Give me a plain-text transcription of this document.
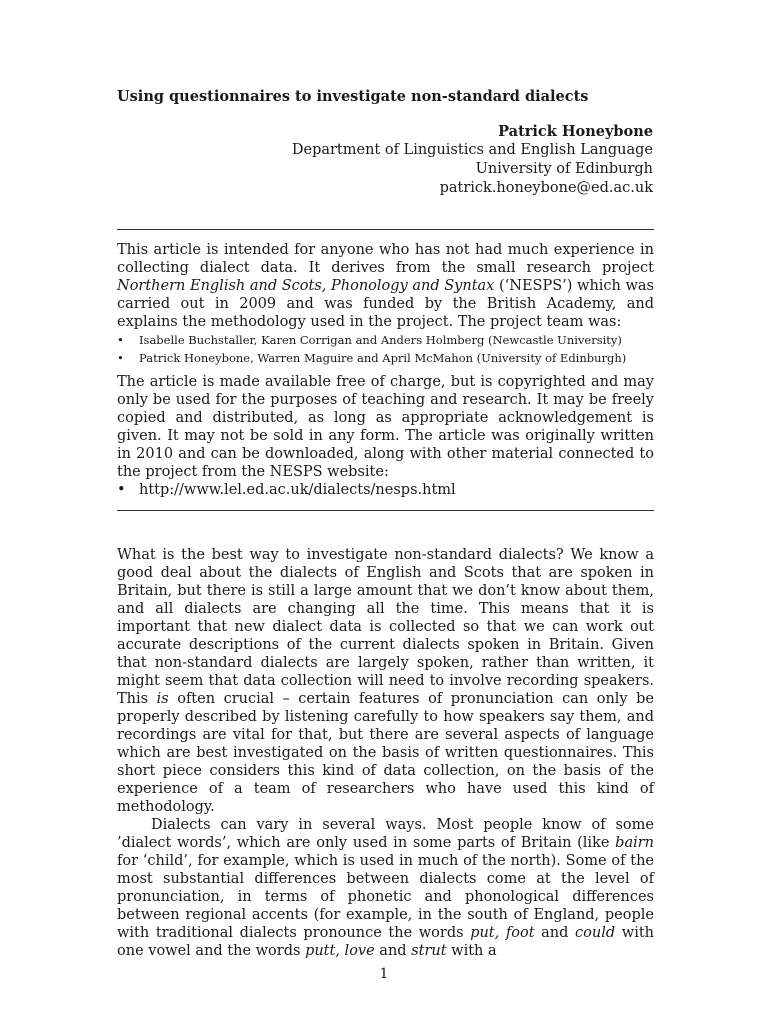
Using questionnaires to investigate non-standard dialects
Patrick Honeybone
Department of Linguistics and English Language
University of Edinburgh
patrick.honeybone@ed.ac.uk

This article is intended for anyone who has not had much experience in collecting dialect data. It derives from the small research project Northern English and Scots, Phonology and Syntax (‘NESPS’) which was carried out in 2009 and was funded by the British Academy, and explains the methodology used in the project. The project team was:

• Isabelle Buchstaller, Karen Corrigan and Anders Holmberg (Newcastle University)
• Patrick Honeybone, Warren Maguire and April McMahon (University of Edinburgh)

The article is made available free of charge, but is copyrighted and may only be used for the purposes of teaching and research. It may be freely copied and distributed, as long as appropriate acknowledgement is given. It may not be sold in any form. The article was originally written in 2010 and can be downloaded, along with other material connected to the project from the NESPS website:

• http://www.lel.ed.ac.uk/dialects/nesps.html

What is the best way to investigate non-standard dialects? We know a good deal about the dialects of English and Scots that are spoken in Britain, but there is still a large amount that we don’t know about them, and all dialects are changing all the time. This means that it is important that new dialect data is collected so that we can work out accurate descriptions of the current dialects spoken in Britain. Given that non-standard dialects are largely spoken, rather than written, it might seem that data collection will need to involve recording speakers. This is often crucial – certain features of pronunciation can only be properly described by listening carefully to how speakers say them, and recordings are vital for that, but there are several aspects of language which are best investigated on the basis of written questionnaires. This short piece considers this kind of data collection, on the basis of the experience of a team of researchers who have used this kind of methodology.

Dialects can vary in several ways. Most people know of some ’dialect words’, which are only used in some parts of Britain (like bairn for ‘child’, for example, which is used in much of the north). Some of the most substantial differences between dialects come at the level of pronunciation, in terms of phonetic and phonological differences between regional accents (for example, in the south of England, people with traditional dialects pronounce the words put, foot and could with one vowel and the words putt, love and strut with a

1
